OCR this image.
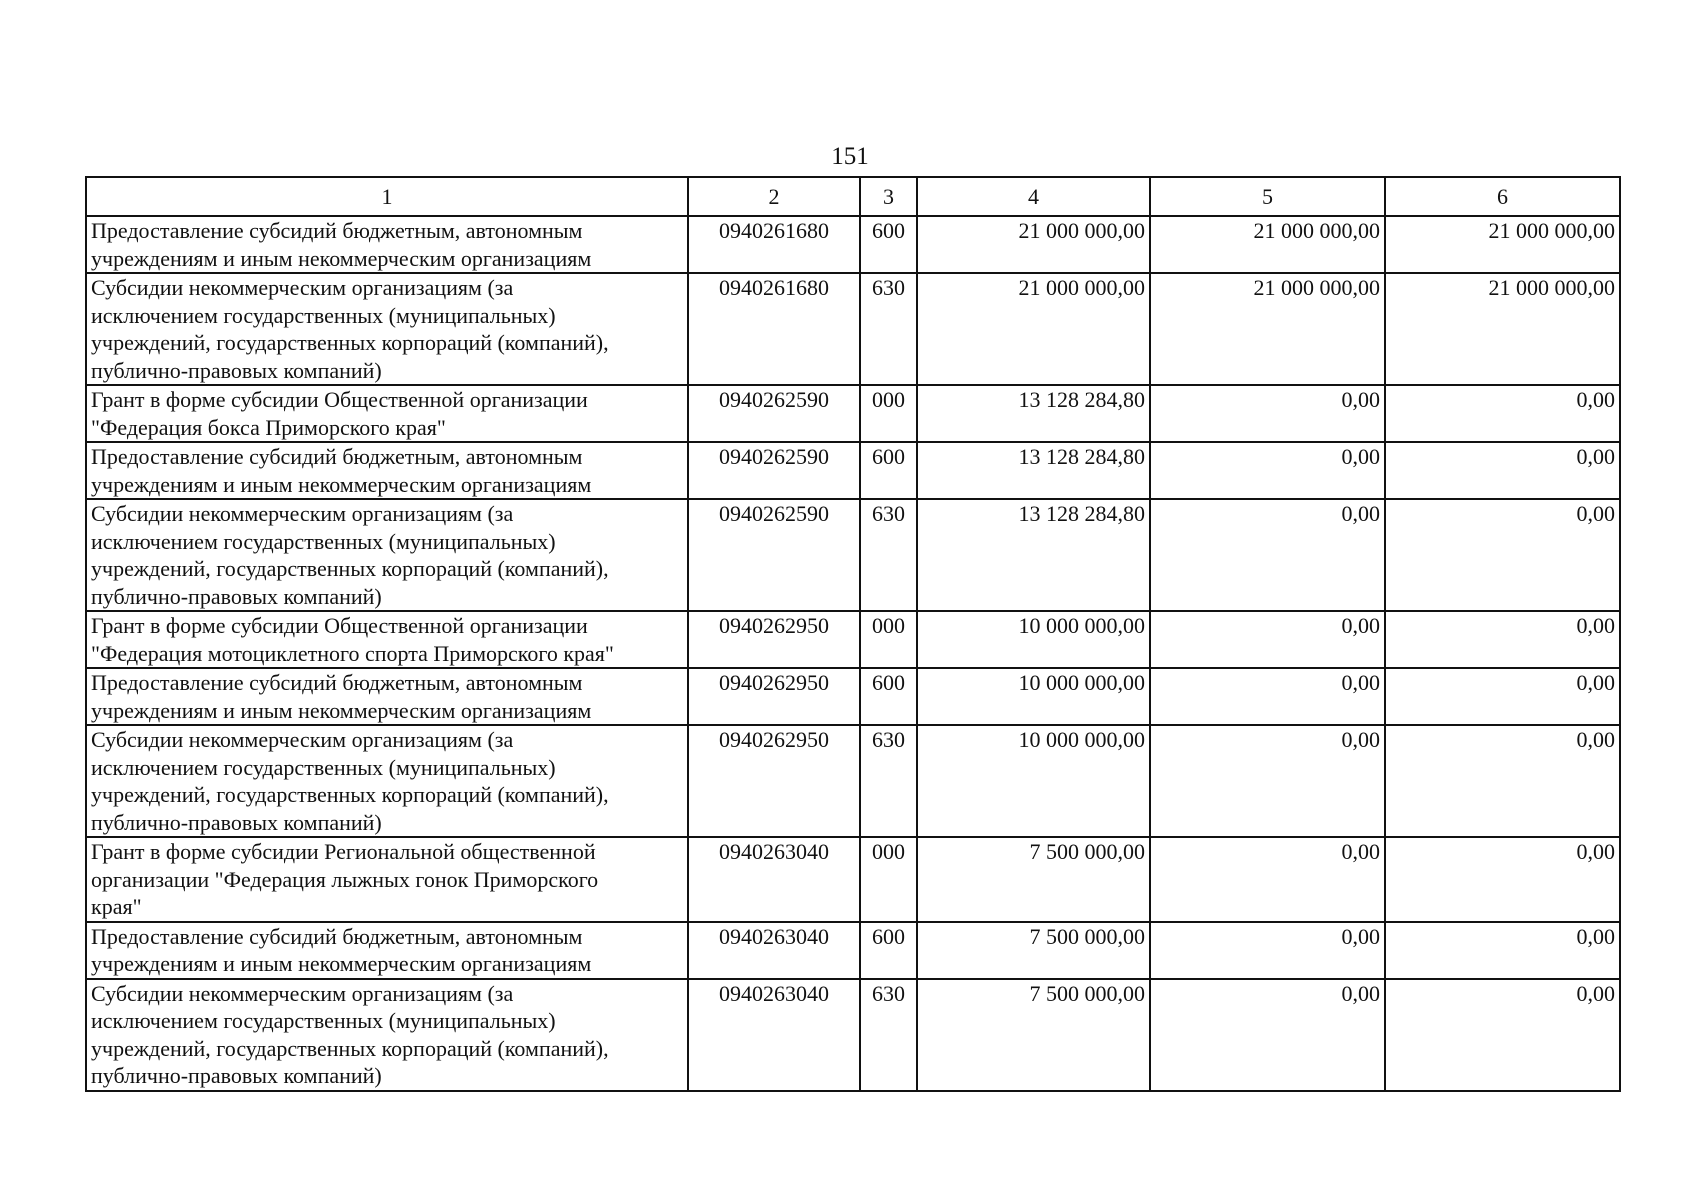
151
1	2	3	4	5	6

Предоставление субсидий бюджетным, автономным
учреждениям и иным некоммерческим организациям	0940261680	600	21 000 000,00	21 000 000,00	21 000 000,00

Субсидии некоммерческим организациям (за
исключением государственных (муниципальных)
учреждений, государственных корпораций (компаний),
публично-правовых компаний)	0940261680	630	21 000 000,00	21 000 000,00	21 000 000,00

Грант в форме субсидии Общественной организации
"Федерация бокса Приморского края"	0940262590	000	13 128 284,80	0,00	0,00

Предоставление субсидий бюджетным, автономным
учреждениям и иным некоммерческим организациям	0940262590	600	13 128 284,80	0,00	0,00

Субсидии некоммерческим организациям (за
исключением государственных (муниципальных)
учреждений, государственных корпораций (компаний),
публично-правовых компаний)	0940262590	630	13 128 284,80	0,00	0,00

Грант в форме субсидии Общественной организации
"Федерация мотоциклетного спорта Приморского края"	0940262950	000	10 000 000,00	0,00	0,00

Предоставление субсидий бюджетным, автономным
учреждениям и иным некоммерческим организациям	0940262950	600	10 000 000,00	0,00	0,00

Субсидии некоммерческим организациям (за
исключением государственных (муниципальных)
учреждений, государственных корпораций (компаний),
публично-правовых компаний)	0940262950	630	10 000 000,00	0,00	0,00

Грант в форме субсидии Региональной общественной
организации "Федерация лыжных гонок Приморского
края"	0940263040	000	7 500 000,00	0,00	0,00

Предоставление субсидий бюджетным, автономным
учреждениям и иным некоммерческим организациям	0940263040	600	7 500 000,00	0,00	0,00

Субсидии некоммерческим организациям (за
исключением государственных (муниципальных)
учреждений, государственных корпораций (компаний),
публично-правовых компаний)	0940263040	630	7 500 000,00	0,00	0,00
